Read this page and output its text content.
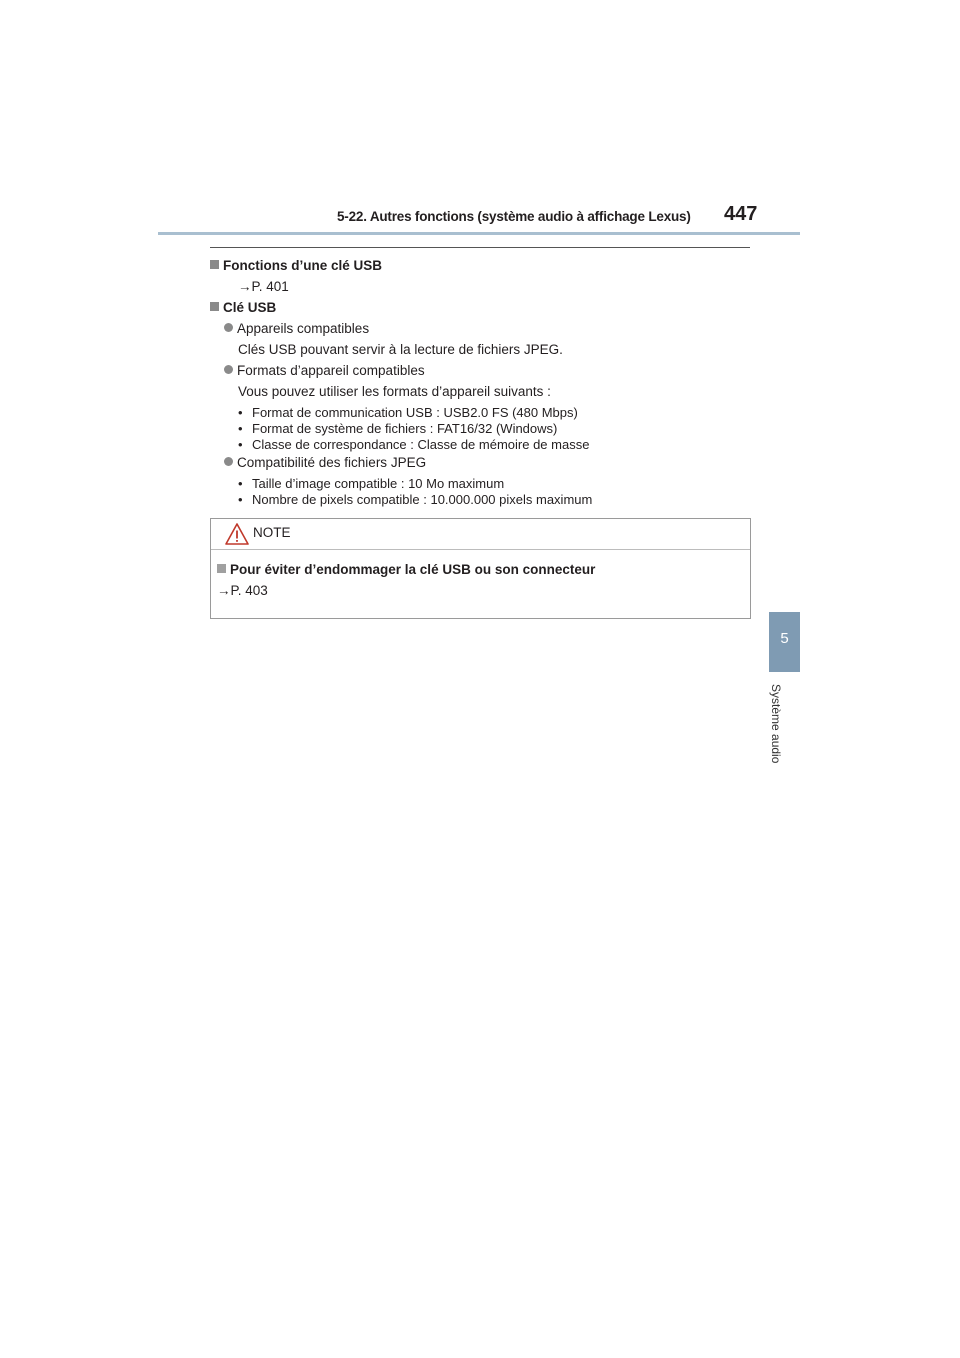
5-22. Autres fonctions (système audio à affichage Lexus) 447
5
Système audio
Fonctions d’une clé USB
→P. 401
Clé USB
Appareils compatibles
Clés USB pouvant servir à la lecture de fichiers JPEG.
Formats d’appareil compatibles
Vous pouvez utiliser les formats d’appareil suivants :
• Format de communication USB : USB2.0 FS (480 Mbps)
• Format de système de fichiers : FAT16/32 (Windows)
• Classe de correspondance : Classe de mémoire de masse
Compatibilité des fichiers JPEG
• Taille d’image compatible : 10 Mo maximum
• Nombre de pixels compatible : 10.000.000 pixels maximum
NOTE
Pour éviter d’endommager la clé USB ou son connecteur
→P. 403
